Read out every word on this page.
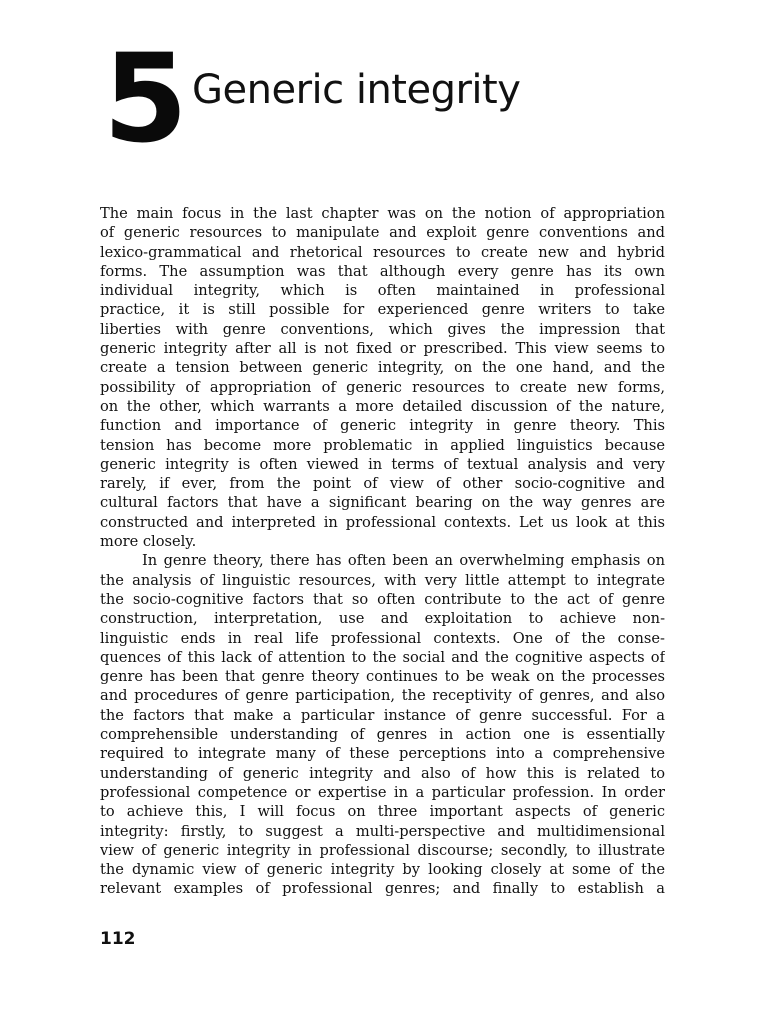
5 Generic integrity
The main focus in the last chapter was on the notion of appropriation
of generic resources to manipulate and exploit genre conventions and
lexico-grammatical and rhetorical resources to create new and hybrid
forms. The assumption was that although every genre has its own
individual integrity, which is often maintained in professional
practice, it is still possible for experienced genre writers to take
liberties with genre conventions, which gives the impression that
generic integrity after all is not fixed or prescribed. This view seems to
create a tension between generic integrity, on the one hand, and the
possibility of appropriation of generic resources to create new forms,
on the other, which warrants a more detailed discussion of the nature,
function and importance of generic integrity in genre theory. This
tension has become more problematic in applied linguistics because
generic integrity is often viewed in terms of textual analysis and very
rarely, if ever, from the point of view of other socio-cognitive and
cultural factors that have a significant bearing on the way genres are
constructed and interpreted in professional contexts. Let us look at this
more closely.
In genre theory, there has often been an overwhelming emphasis on
the analysis of linguistic resources, with very little attempt to integrate
the socio-cognitive factors that so often contribute to the act of genre
construction, interpretation, use and exploitation to achieve non-
linguistic ends in real life professional contexts. One of the conse-
quences of this lack of attention to the social and the cognitive aspects of
genre has been that genre theory continues to be weak on the processes
and procedures of genre participation, the receptivity of genres, and also
the factors that make a particular instance of genre successful. For a
comprehensible understanding of genres in action one is essentially
required to integrate many of these perceptions into a comprehensive
understanding of generic integrity and also of how this is related to
professional competence or expertise in a particular profession. In order
to achieve this, I will focus on three important aspects of generic
integrity: firstly, to suggest a multi-perspective and multidimensional
view of generic integrity in professional discourse; secondly, to illustrate
the dynamic view of generic integrity by looking closely at some of the
relevant examples of professional genres; and finally to establish a
112
